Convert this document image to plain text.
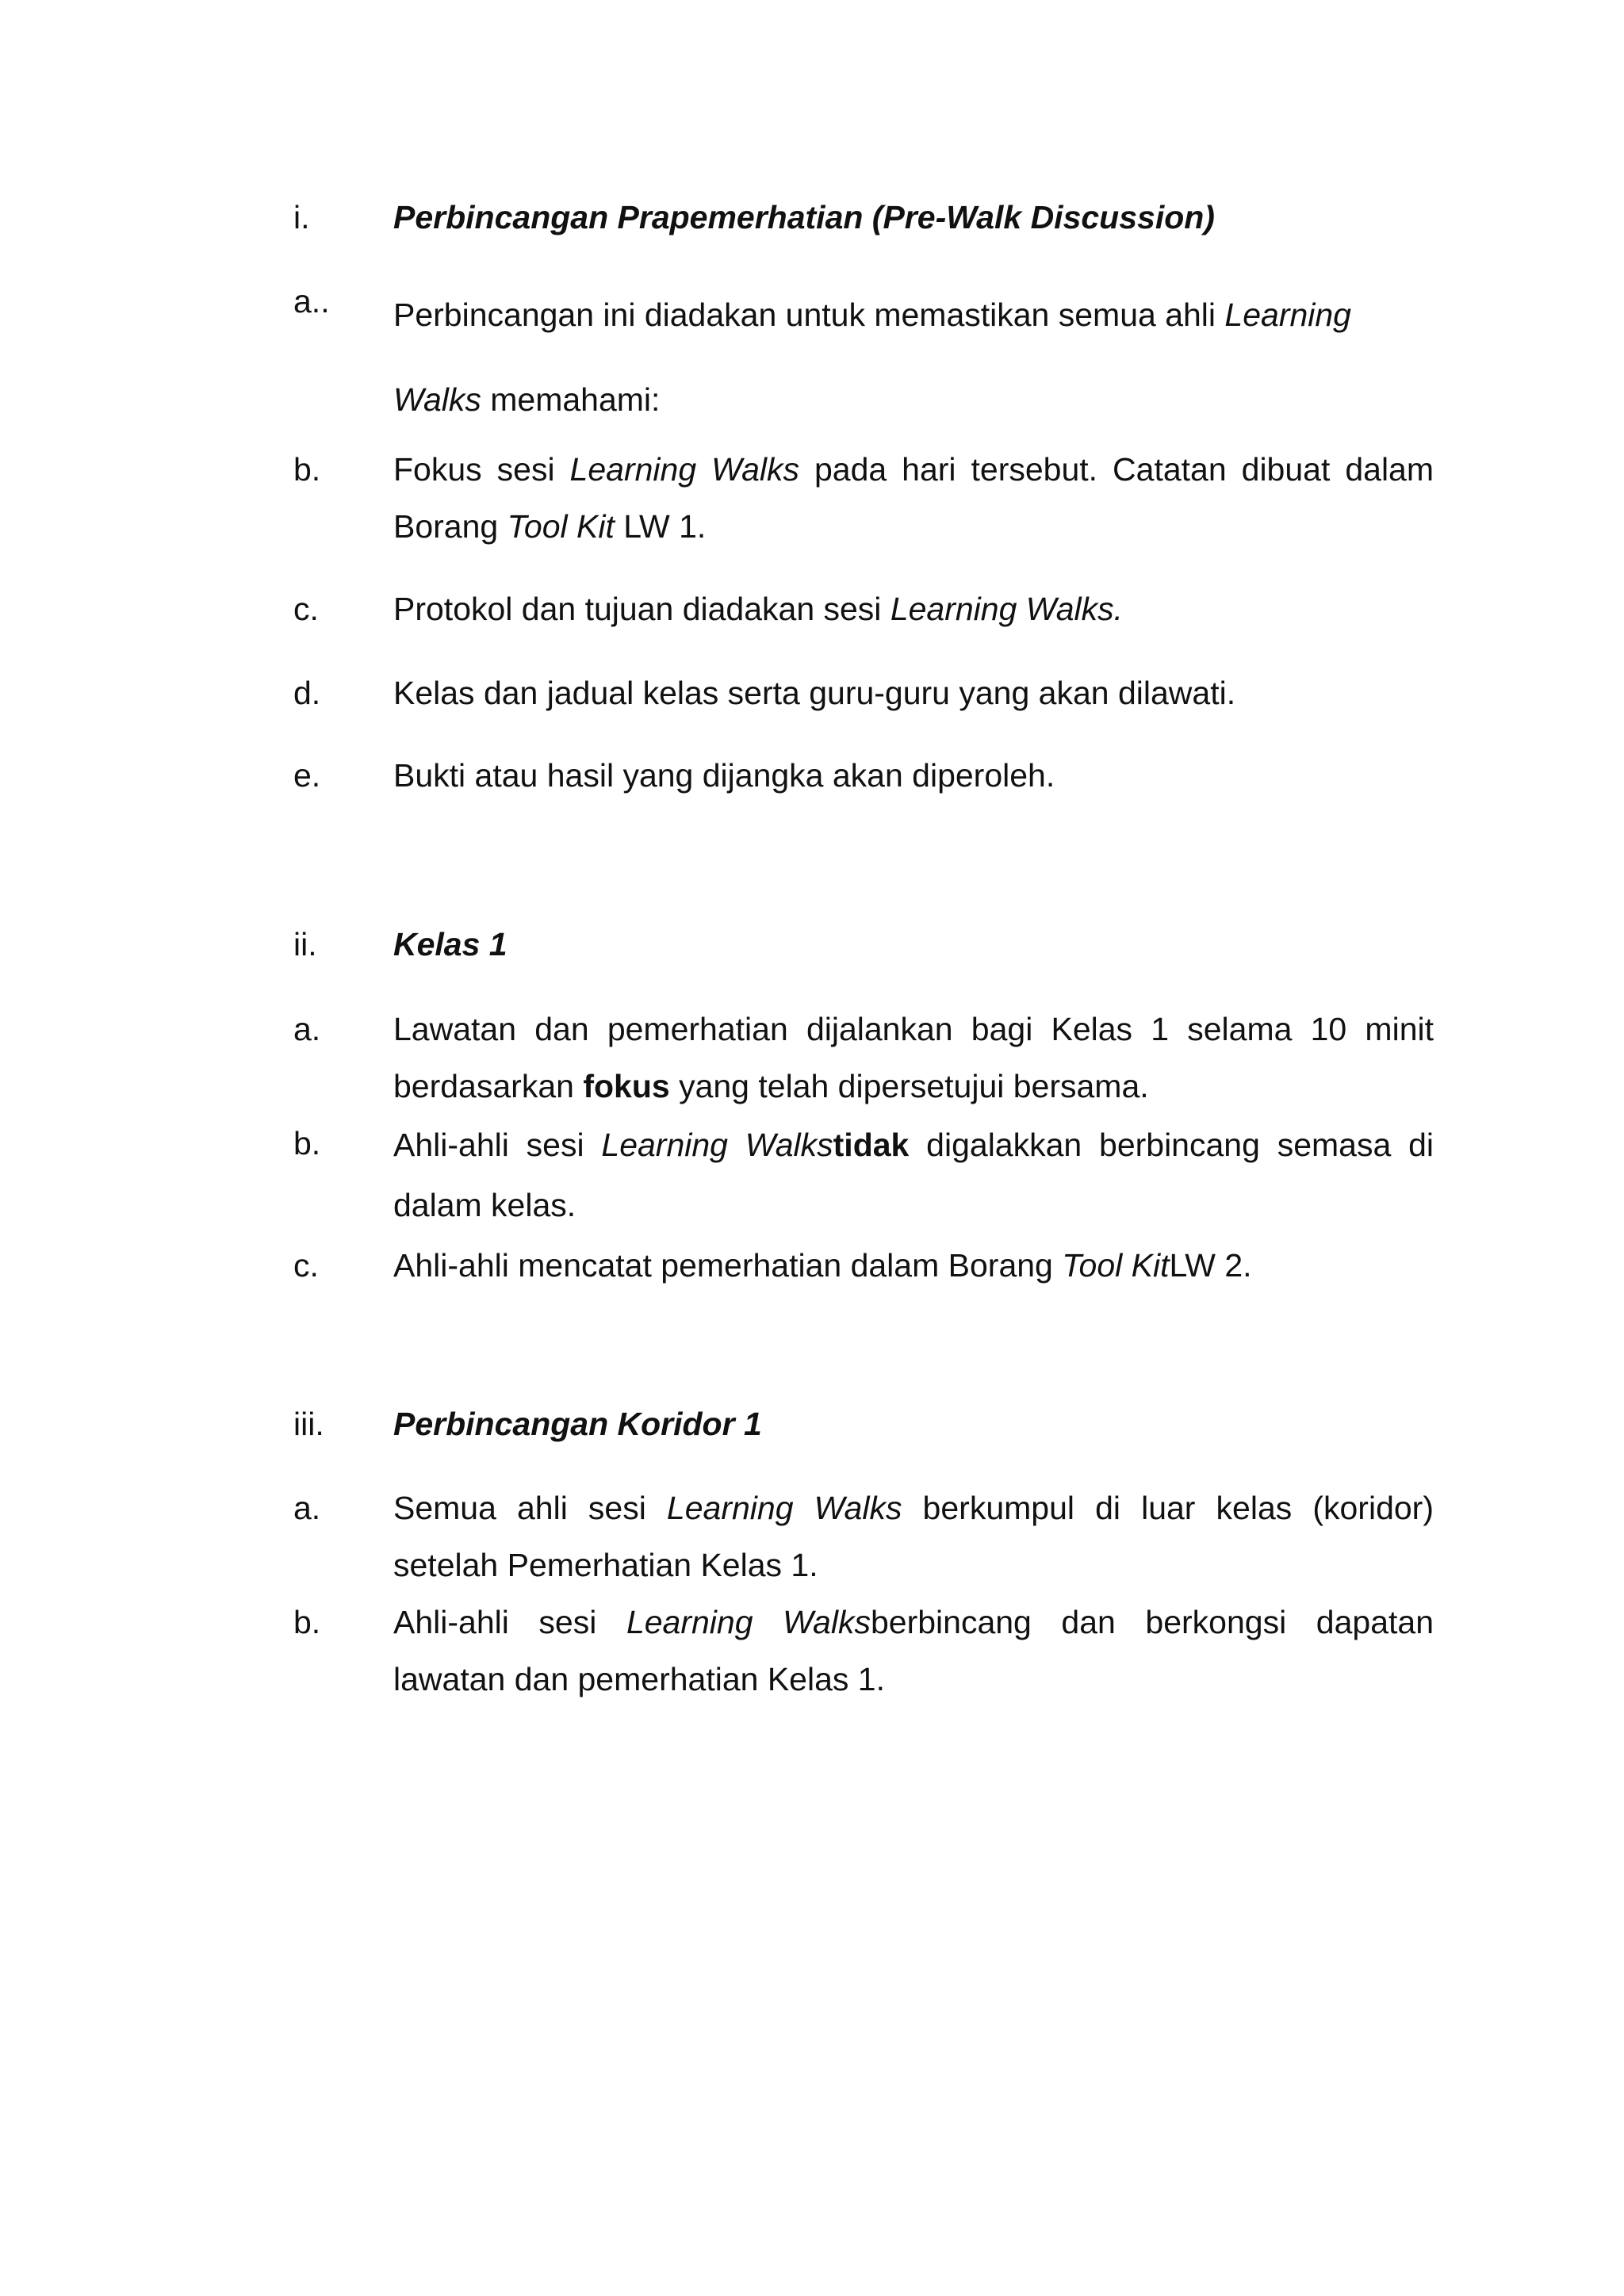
i.	Perbincangan Prapemerhatian (Pre-Walk Discussion)
a.. Perbincangan ini diadakan untuk memastikan semua ahli Learning
Walks memahami:
b. Fokus sesi Learning Walks pada hari tersebut. Catatan dibuat dalam
Borang Tool Kit LW 1.
c. Protokol dan tujuan diadakan sesi Learning Walks.
d. Kelas dan jadual kelas serta guru-guru yang akan dilawati.
e. Bukti atau hasil yang dijangka akan diperoleh.
ii. Kelas 1
a. Lawatan dan pemerhatian dijalankan bagi Kelas 1 selama 10 minit
berdasarkan fokus yang telah dipersetujui bersama.
b. Ahli-ahli sesi Learning Walkstidak digalakkan berbincang semasa di
dalam kelas.
c. Ahli-ahli mencatat pemerhatian dalam Borang Tool KitLW 2.
iii. Perbincangan Koridor 1
a. Semua ahli sesi Learning Walks berkumpul di luar kelas (koridor)
setelah Pemerhatian Kelas 1.
b. Ahli-ahli sesi Learning Walksberbincang dan berkongsi dapatan
lawatan dan pemerhatian Kelas 1.
